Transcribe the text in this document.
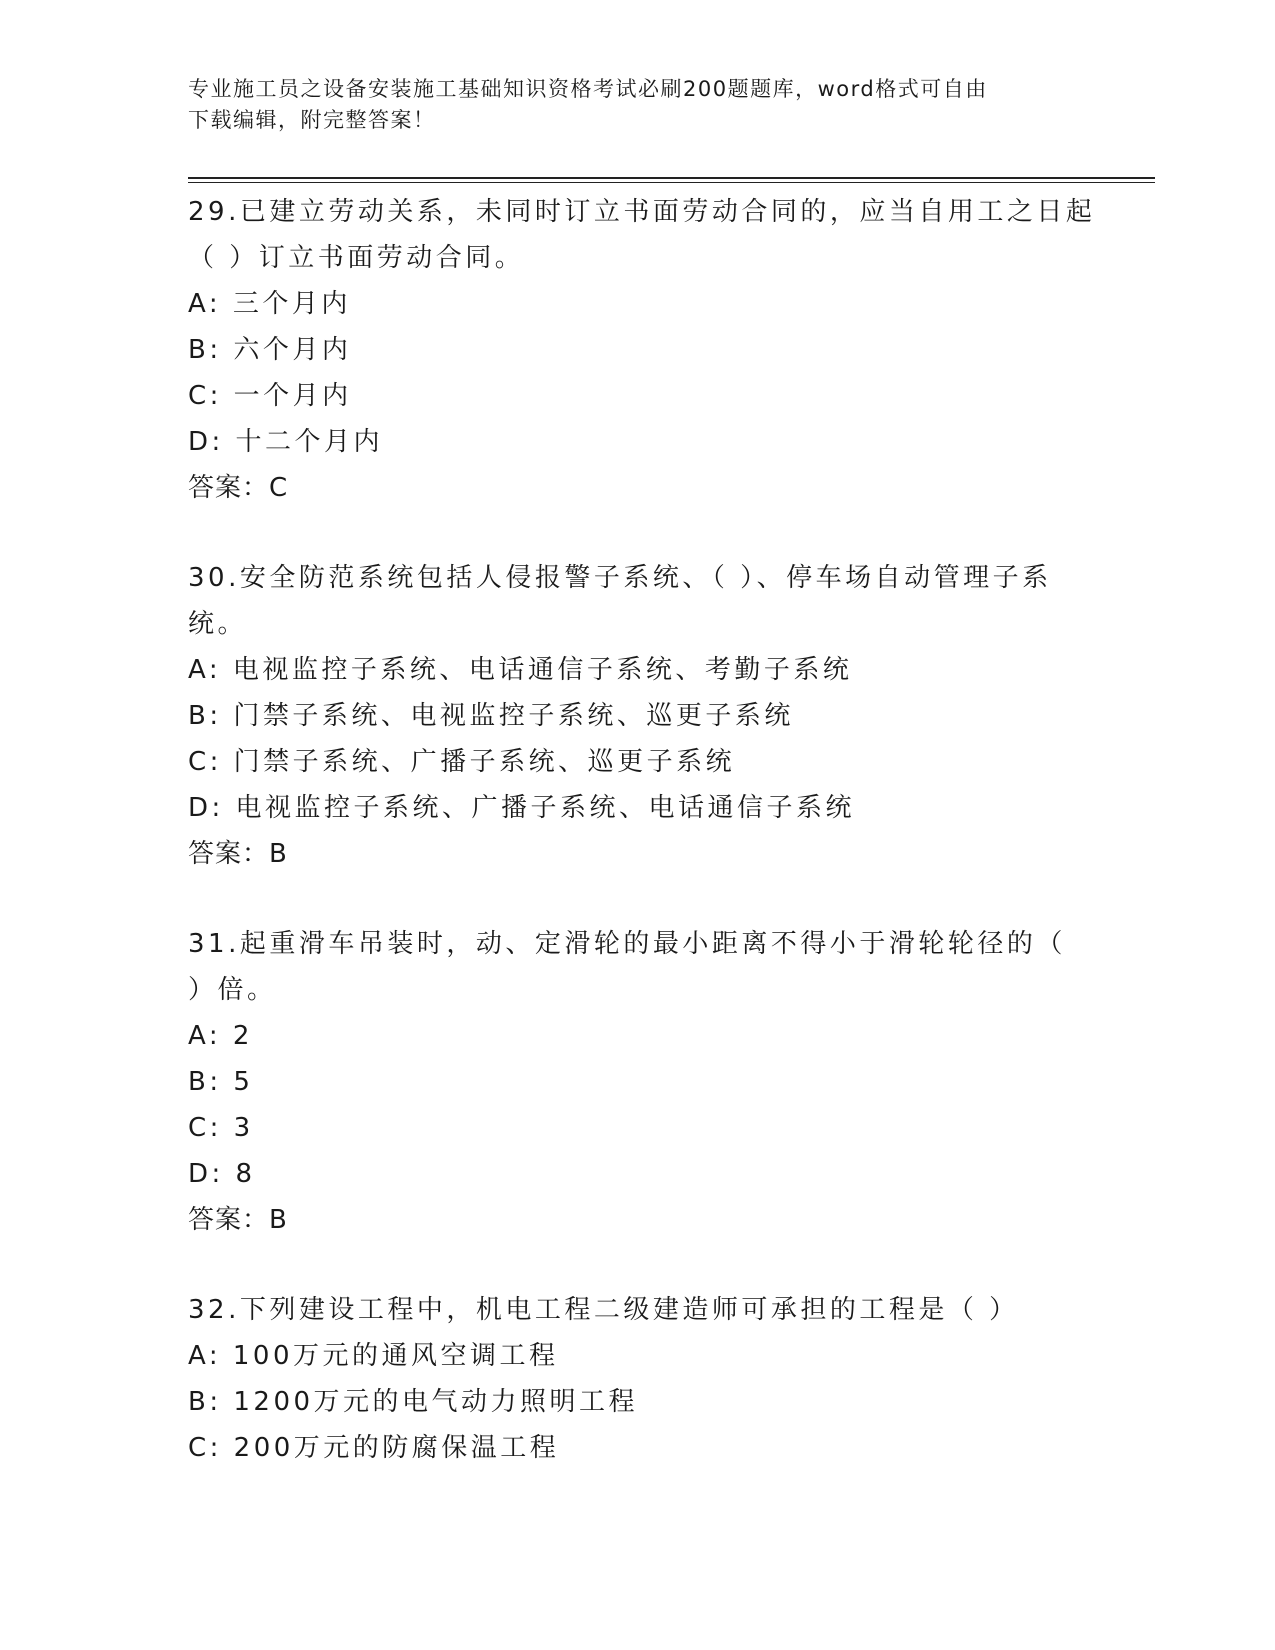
专业施工员之设备安装施工基础知识资格考试必刷200题题库，word格式可自由
下载编辑，附完整答案！
29.已建立劳动关系，未同时订立书面劳动合同的，应当自用工之日起
（ ）订立书面劳动合同。
A: 三个月内
B: 六个月内
C: 一个月内
D: 十二个月内
答案：C
30.安全防范系统包括人侵报警子系统、（ ）、停车场自动管理子系
统。
A: 电视监控子系统、电话通信子系统、考勤子系统
B: 门禁子系统、电视监控子系统、巡更子系统
C: 门禁子系统、广播子系统、巡更子系统
D: 电视监控子系统、广播子系统、电话通信子系统
答案：B
31.起重滑车吊装时，动、定滑轮的最小距离不得小于滑轮轮径的（
）倍。
A: 2
B: 5
C: 3
D: 8
答案：B
32.下列建设工程中，机电工程二级建造师可承担的工程是（ ）
A: 100万元的通风空调工程
B: 1200万元的电气动力照明工程
C: 200万元的防腐保温工程
